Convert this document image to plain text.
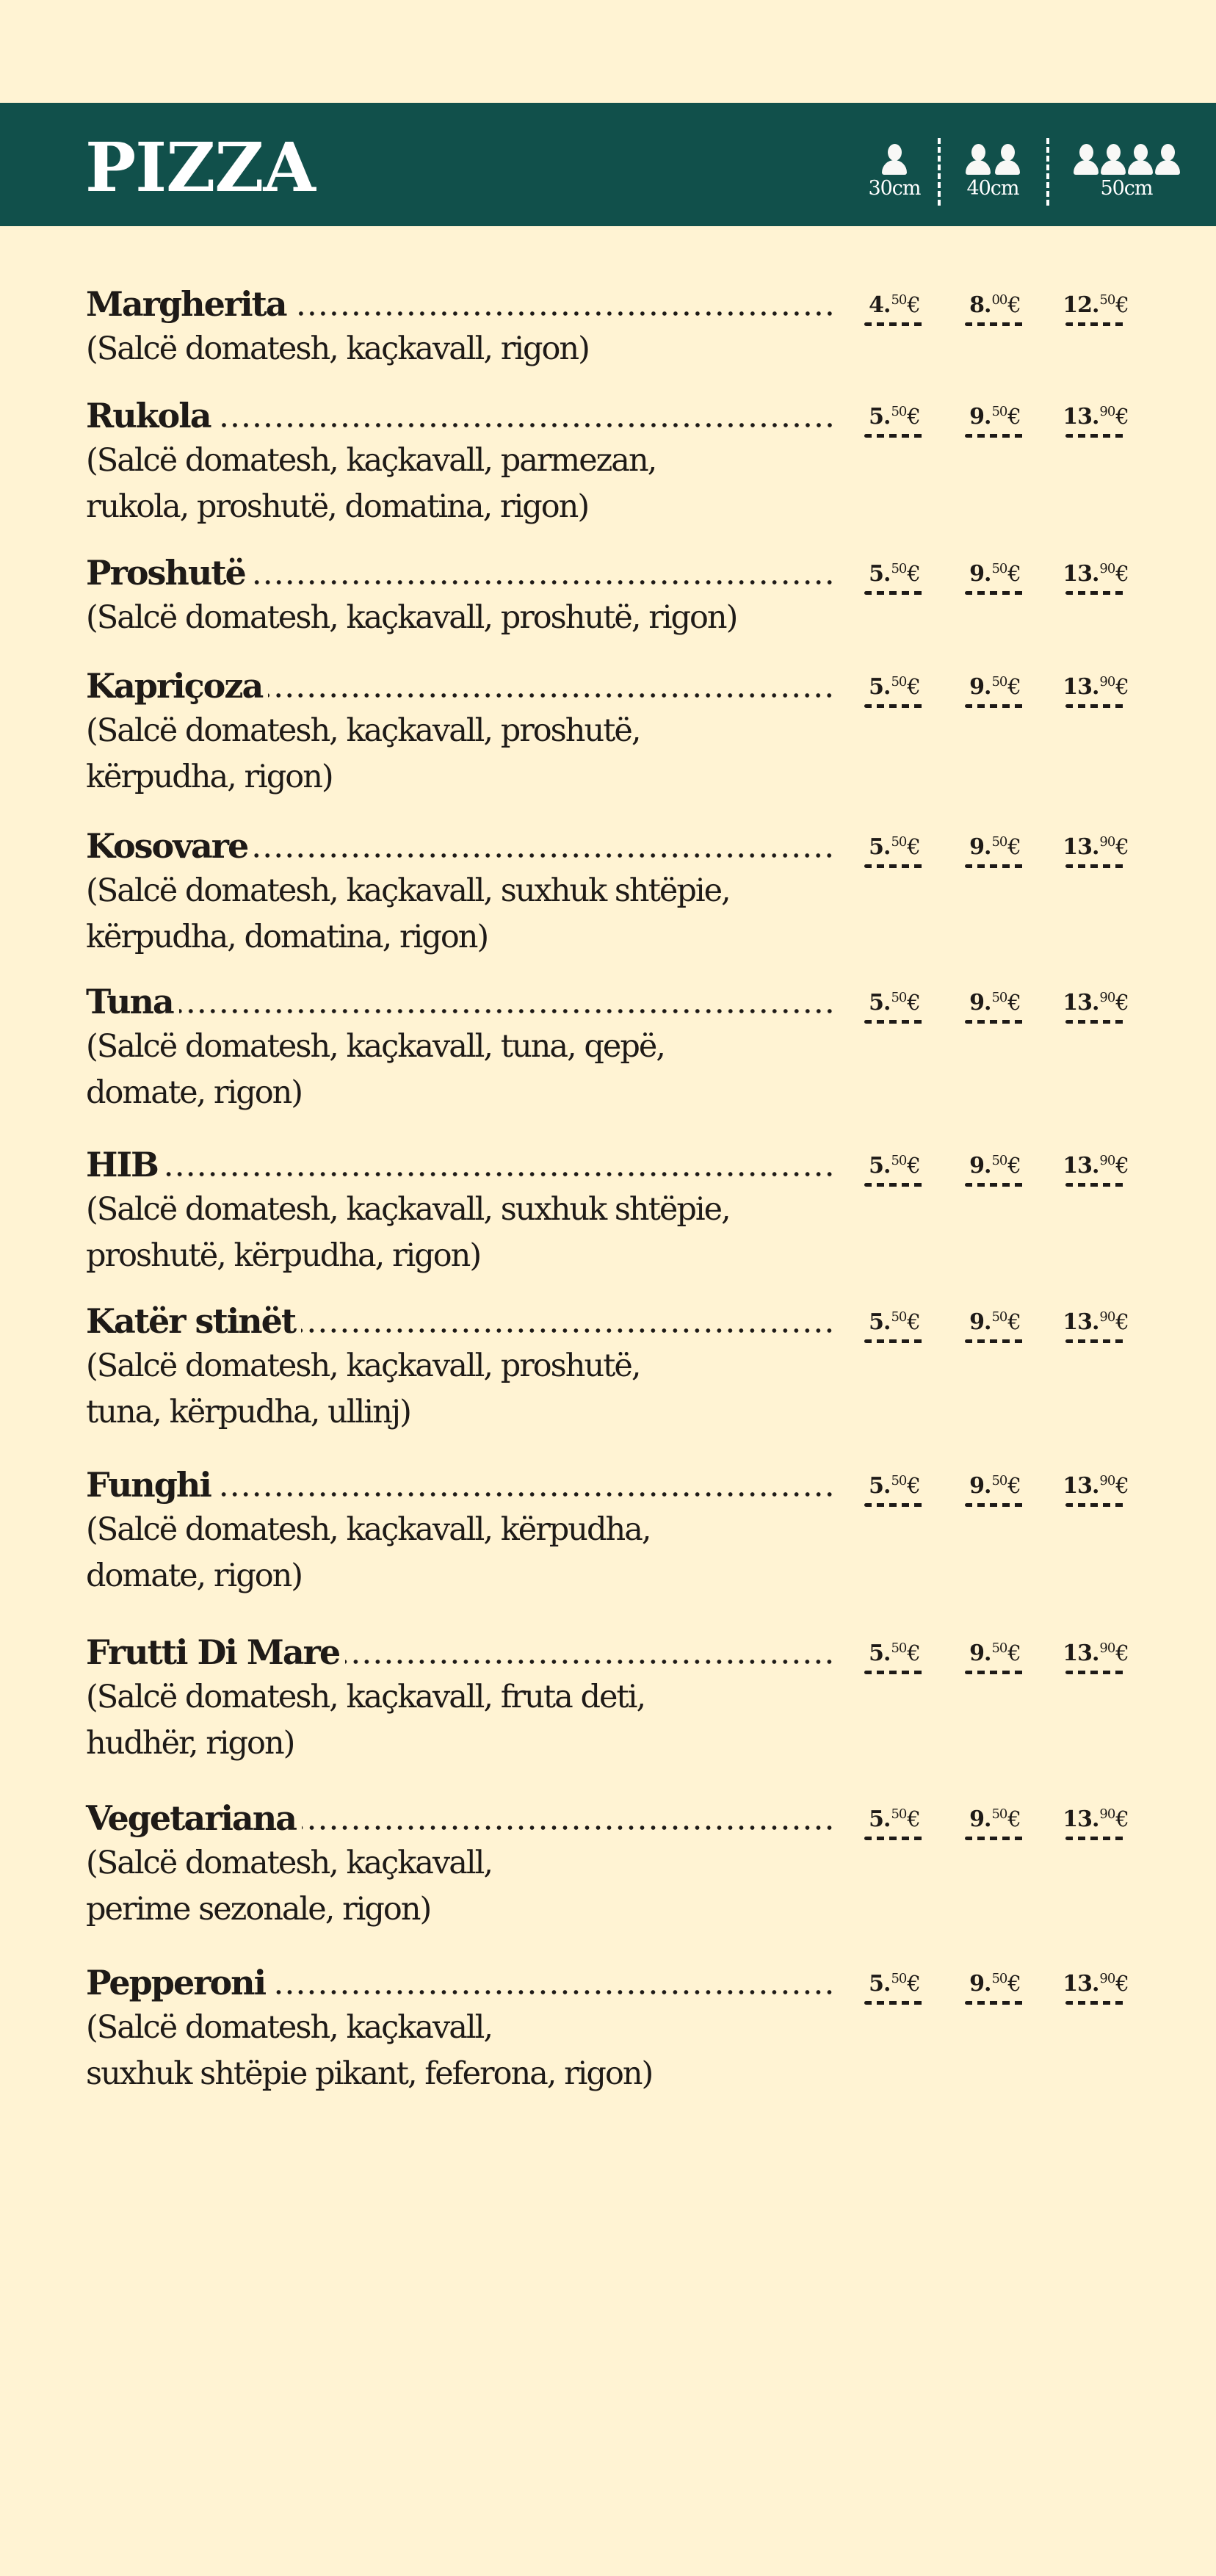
PIZZA	30cm	40cm	50cm
Margherita
(Salcë domatesh, kaçkavall, rigon)
4.50€	8.00€	12.50€
Rukola
(Salcë domatesh, kaçkavall, parmezan,
rukola, proshutë, domatina, rigon)
5.50€	9.50€	13.90€
Proshutë
(Salcë domatesh, kaçkavall, proshutë, rigon)
5.50€	9.50€	13.90€
Kapriçoza
(Salcë domatesh, kaçkavall, proshutë,
kërpudha, rigon)
5.50€	9.50€	13.90€
Kosovare
(Salcë domatesh, kaçkavall, suxhuk shtëpie,
kërpudha, domatina, rigon)
5.50€	9.50€	13.90€
Tuna
(Salcë domatesh, kaçkavall, tuna, qepë,
domate, rigon)
5.50€	9.50€	13.90€
HIB
(Salcë domatesh, kaçkavall, suxhuk shtëpie,
proshutë, kërpudha, rigon)
5.50€	9.50€	13.90€
Katër stinët
(Salcë domatesh, kaçkavall, proshutë,
tuna, kërpudha, ullinj)
5.50€	9.50€	13.90€
Funghi
(Salcë domatesh, kaçkavall, kërpudha,
domate, rigon)
5.50€	9.50€	13.90€
Frutti Di Mare
(Salcë domatesh, kaçkavall, fruta deti,
hudhër, rigon)
5.50€	9.50€	13.90€
Vegetariana
(Salcë domatesh, kaçkavall,
perime sezonale, rigon)
5.50€	9.50€	13.90€
Pepperoni
(Salcë domatesh, kaçkavall,
suxhuk shtëpie pikant, feferona, rigon)
5.50€	9.50€	13.90€
